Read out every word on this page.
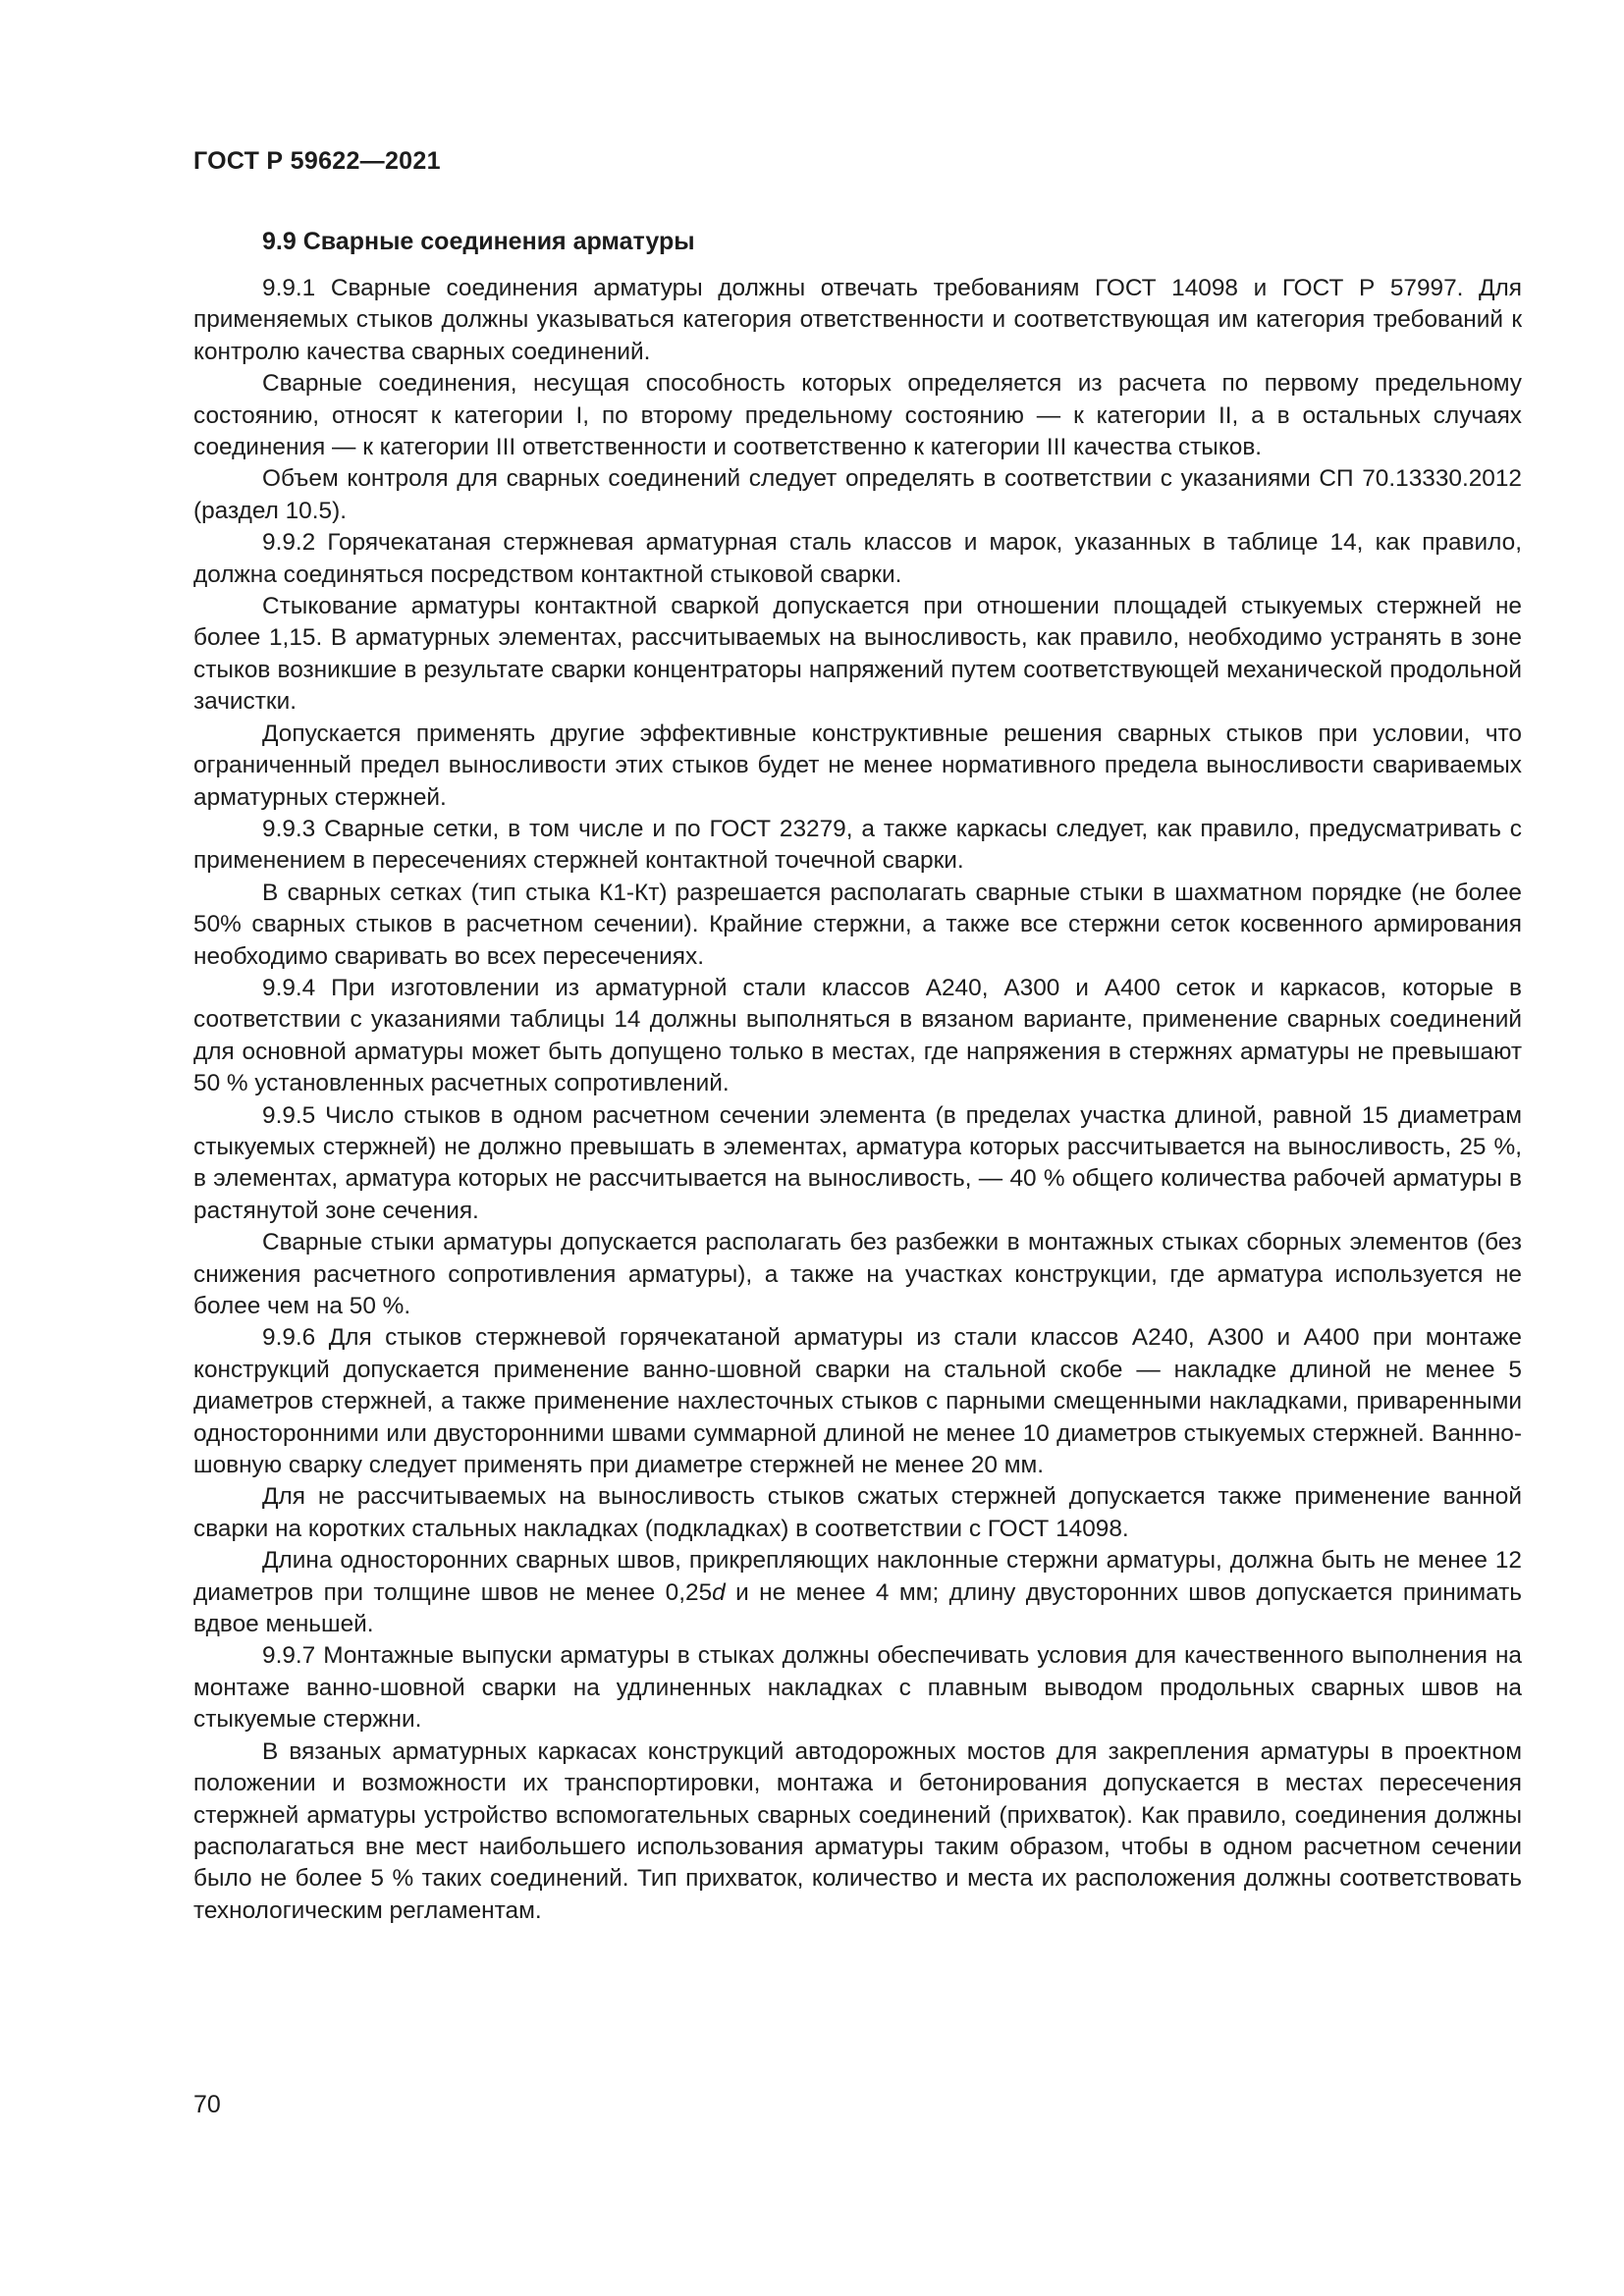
ГОСТ Р 59622—2021

9.9 Сварные соединения арматуры

9.9.1 Сварные соединения арматуры должны отвечать требованиям ГОСТ 14098 и ГОСТ Р 57997. Для применяемых стыков должны указываться категория ответственности и соответствующая им категория требований к контролю качества сварных соединений.

Сварные соединения, несущая способность которых определяется из расчета по первому предельному состоянию, относят к категории I, по второму предельному состоянию — к категории II, а в остальных случаях соединения — к категории III ответственности и соответственно к категории III качества стыков.

Объем контроля для сварных соединений следует определять в соответствии с указаниями СП 70.13330.2012 (раздел 10.5).

9.9.2 Горячекатаная стержневая арматурная сталь классов и марок, указанных в таблице 14, как правило, должна соединяться посредством контактной стыковой сварки.

Стыкование арматуры контактной сваркой допускается при отношении площадей стыкуемых стержней не более 1,15. В арматурных элементах, рассчитываемых на выносливость, как правило, необходимо устранять в зоне стыков возникшие в результате сварки концентраторы напряжений путем соответствующей механической продольной зачистки.

Допускается применять другие эффективные конструктивные решения сварных стыков при условии, что ограниченный предел выносливости этих стыков будет не менее нормативного предела выносливости свариваемых арматурных стержней.

9.9.3 Сварные сетки, в том числе и по ГОСТ 23279, а также каркасы следует, как правило, предусматривать с применением в пересечениях стержней контактной точечной сварки.

В сварных сетках (тип стыка К1-Кт) разрешается располагать сварные стыки в шахматном порядке (не более 50% сварных стыков в расчетном сечении). Крайние стержни, а также все стержни сеток косвенного армирования необходимо сваривать во всех пересечениях.

9.9.4 При изготовлении из арматурной стали классов А240, А300 и А400 сеток и каркасов, которые в соответствии с указаниями таблицы 14 должны выполняться в вязаном варианте, применение сварных соединений для основной арматуры может быть допущено только в местах, где напряжения в стержнях арматуры не превышают 50 % установленных расчетных сопротивлений.

9.9.5 Число стыков в одном расчетном сечении элемента (в пределах участка длиной, равной 15 диаметрам стыкуемых стержней) не должно превышать в элементах, арматура которых рассчитывается на выносливость, 25 %, в элементах, арматура которых не рассчитывается на выносливость, — 40 % общего количества рабочей арматуры в растянутой зоне сечения.

Сварные стыки арматуры допускается располагать без разбежки в монтажных стыках сборных элементов (без снижения расчетного сопротивления арматуры), а также на участках конструкции, где арматура используется не более чем на 50 %.

9.9.6 Для стыков стержневой горячекатаной арматуры из стали классов А240, А300 и А400 при монтаже конструкций допускается применение ванно-шовной сварки на стальной скобе — накладке длиной не менее 5 диаметров стержней, а также применение нахлесточных стыков с парными смещенными накладками, приваренными односторонними или двусторонними швами суммарной длиной не менее 10 диаметров стыкуемых стержней. Ваннно-шовную сварку следует применять при диаметре стержней не менее 20 мм.

Для не рассчитываемых на выносливость стыков сжатых стержней допускается также применение ванной сварки на коротких стальных накладках (подкладках) в соответствии с ГОСТ 14098.

Длина односторонних сварных швов, прикрепляющих наклонные стержни арматуры, должна быть не менее 12 диаметров при толщине швов не менее 0,25d и не менее 4 мм; длину двусторонних швов допускается принимать вдвое меньшей.

9.9.7 Монтажные выпуски арматуры в стыках должны обеспечивать условия для качественного выполнения на монтаже ванно-шовной сварки на удлиненных накладках с плавным выводом продольных сварных швов на стыкуемые стержни.

В вязаных арматурных каркасах конструкций автодорожных мостов для закрепления арматуры в проектном положении и возможности их транспортировки, монтажа и бетонирования допускается в местах пересечения стержней арматуры устройство вспомогательных сварных соединений (прихваток). Как правило, соединения должны располагаться вне мест наибольшего использования арматуры таким образом, чтобы в одном расчетном сечении было не более 5 % таких соединений. Тип прихваток, количество и места их расположения должны соответствовать технологическим регламентам.

70
